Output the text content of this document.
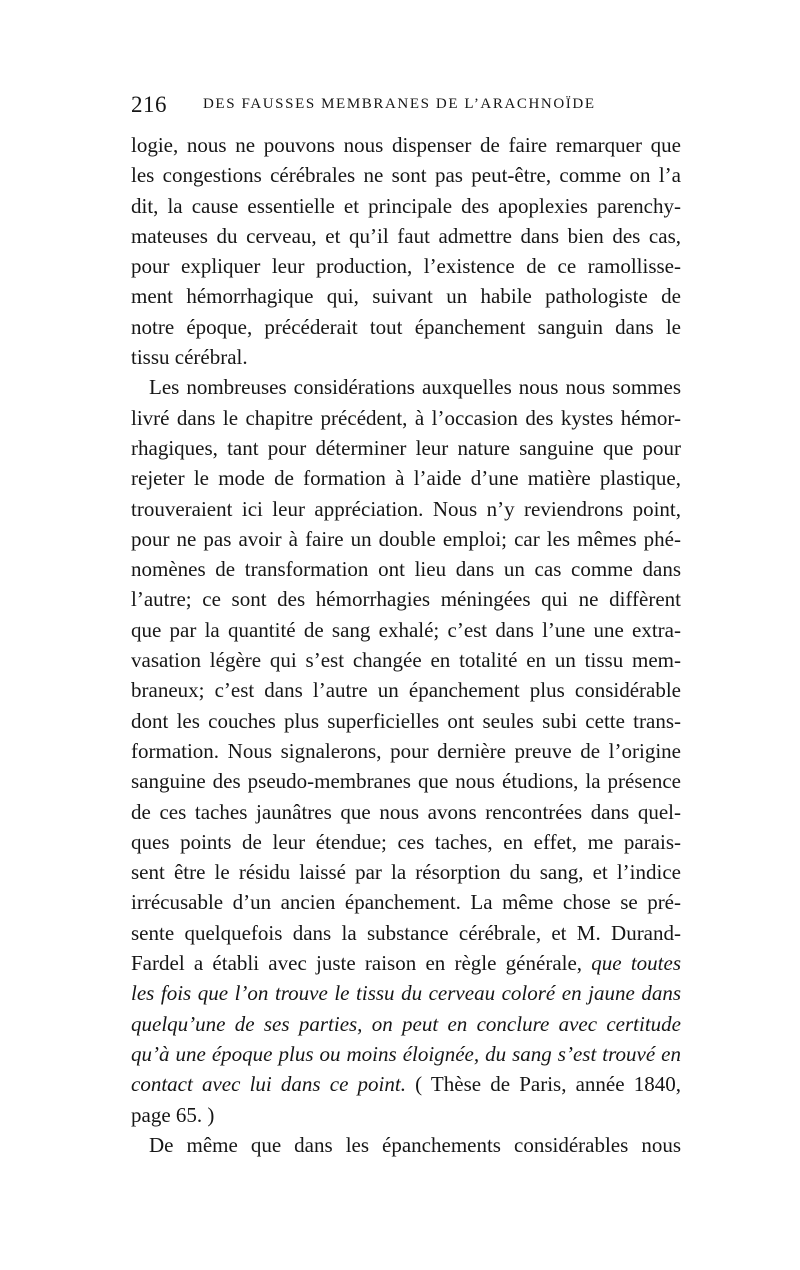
216 DES FAUSSES MEMBRANES DE L’ARACHNOÏDE
logie, nous ne pouvons nous dispenser de faire remarquer que
les congestions cérébrales ne sont pas peut-être, comme on l’a
dit, la cause essentielle et principale des apoplexies parenchy-
mateuses du cerveau, et qu’il faut admettre dans bien des cas,
pour expliquer leur production, l’existence de ce ramollisse-
ment hémorrhagique qui, suivant un habile pathologiste de
notre époque, précéderait tout épanchement sanguin dans le
tissu cérébral.
Les nombreuses considérations auxquelles nous nous sommes
livré dans le chapitre précédent, à l’occasion des kystes hémor-
rhagiques, tant pour déterminer leur nature sanguine que pour
rejeter le mode de formation à l’aide d’une matière plastique,
trouveraient ici leur appréciation. Nous n’y reviendrons point,
pour ne pas avoir à faire un double emploi; car les mêmes phé-
nomènes de transformation ont lieu dans un cas comme dans
l’autre; ce sont des hémorrhagies méningées qui ne diffèrent
que par la quantité de sang exhalé; c’est dans l’une une extra-
vasation légère qui s’est changée en totalité en un tissu mem-
braneux; c’est dans l’autre un épanchement plus considérable
dont les couches plus superficielles ont seules subi cette trans-
formation. Nous signalerons, pour dernière preuve de l’origine
sanguine des pseudo-membranes que nous étudions, la présence
de ces taches jaunâtres que nous avons rencontrées dans quel-
ques points de leur étendue; ces taches, en effet, me parais-
sent être le résidu laissé par la résorption du sang, et l’indice
irrécusable d’un ancien épanchement. La même chose se pré-
sente quelquefois dans la substance cérébrale, et M. Durand-
Fardel a établi avec juste raison en règle générale, que toutes
les fois que l’on trouve le tissu du cerveau coloré en jaune dans
quelqu’une de ses parties, on peut en conclure avec certitude
qu’à une époque plus ou moins éloignée, du sang s’est trouvé en
contact avec lui dans ce point. ( Thèse de Paris, année 1840,
page 65. )
De même que dans les épanchements considérables nous
